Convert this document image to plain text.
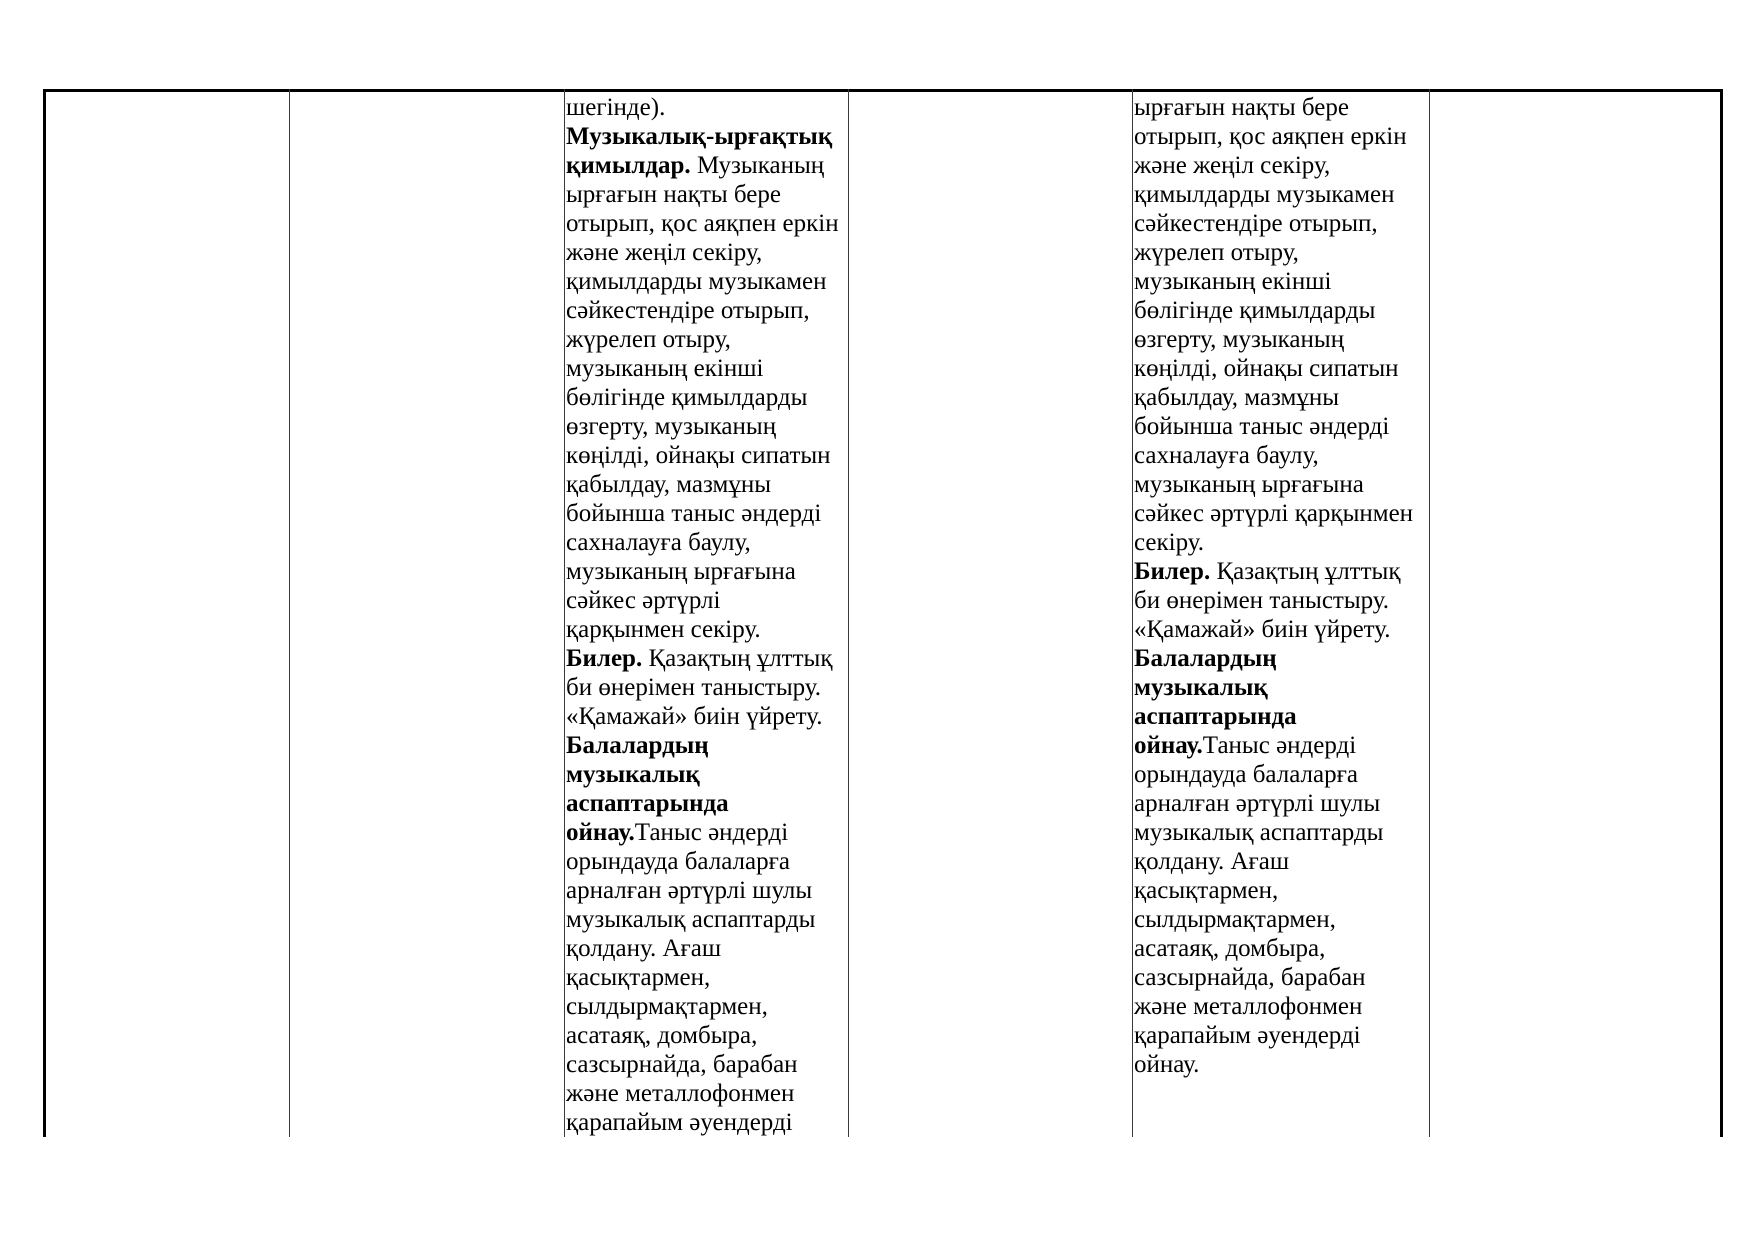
шегінде).
Музыкалық-ырғақтық
қимылдар. Музыканың
ырғағын нақты бере
отырып, қос аяқпен еркін
және жеңіл секіру,
қимылдарды музыкамен
сәйкестендіре отырып,
жүрелеп отыру,
музыканың екінші
бөлігінде қимылдарды
өзгерту, музыканың
көңілді, ойнақы сипатын
қабылдау, мазмұны
бойынша таныс әндерді
сахналауға баулу,
музыканың ырғағына
сәйкес әртүрлі
қарқынмен секіру.
Билер. Қазақтың ұлттық
би өнерімен таныстыру.
«Қамажай» биін үйрету.
Балалардың
музыкалық
аспаптарында
ойнау.Таныс әндерді
орындауда балаларға
арналған әртүрлі шулы
музыкалық аспаптарды
қолдану. Ағаш
қасықтармен,
сылдырмақтармен,
асатаяқ, домбыра,
сазсырнайда, барабан
және металлофонмен
қарапайым әуендерді
ырғағын нақты бере
отырып, қос аяқпен еркін
және жеңіл секіру,
қимылдарды музыкамен
сәйкестендіре отырып,
жүрелеп отыру,
музыканың екінші
бөлігінде қимылдарды
өзгерту, музыканың
көңілді, ойнақы сипатын
қабылдау, мазмұны
бойынша таныс әндерді
сахналауға баулу,
музыканың ырғағына
сәйкес әртүрлі қарқынмен
секіру.
Билер. Қазақтың ұлттық
би өнерімен таныстыру.
«Қамажай» биін үйрету.
Балалардың
музыкалық
аспаптарында
ойнау.Таныс әндерді
орындауда балаларға
арналған әртүрлі шулы
музыкалық аспаптарды
қолдану. Ағаш
қасықтармен,
сылдырмақтармен,
асатаяқ, домбыра,
сазсырнайда, барабан
және металлофонмен
қарапайым әуендерді
ойнау.
